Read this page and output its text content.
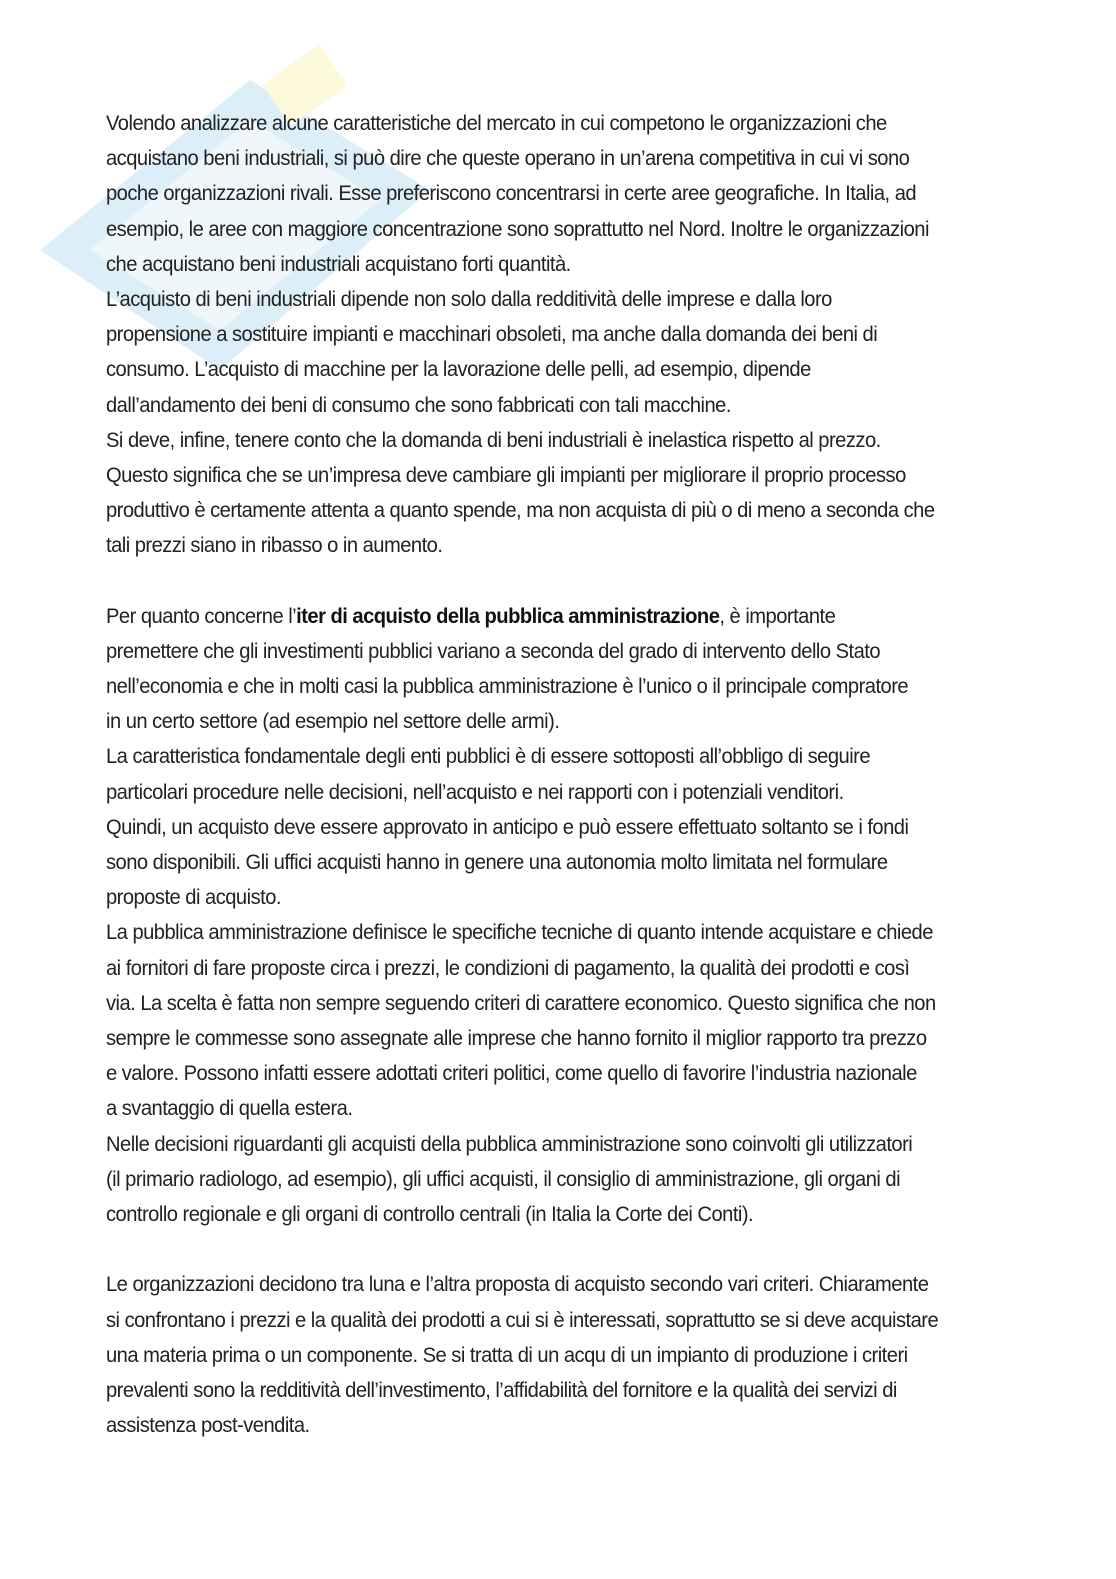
Volendo analizzare alcune caratteristiche del mercato in cui competono le organizzazioni che

acquistano beni industriali, si può dire che queste operano in un’arena competitiva in cui vi sono

poche organizzazioni rivali. Esse preferiscono concentrarsi in certe aree geografiche. In Italia, ad

esempio, le aree con maggiore concentrazione sono soprattutto nel Nord. Inoltre le organizzazioni

che acquistano beni industriali acquistano forti quantità.

L’acquisto di beni industriali dipende non solo dalla redditività delle imprese e dalla loro

propensione a sostituire impianti e macchinari obsoleti, ma anche dalla domanda dei beni di

consumo. L’acquisto di macchine per la lavorazione delle pelli, ad esempio, dipende

dall’andamento dei beni di consumo che sono fabbricati con tali macchine.

Si deve, infine, tenere conto che la domanda di beni industriali è inelastica rispetto al prezzo.

Questo significa che se un’impresa deve cambiare gli impianti per migliorare il proprio processo

produttivo è certamente attenta a quanto spende, ma non acquista di più o di meno a seconda che

tali prezzi siano in ribasso o in aumento.

Per quanto concerne l’iter di acquisto della pubblica amministrazione, è importante

premettere che gli investimenti pubblici variano a seconda del grado di intervento dello Stato

nell’economia e che in molti casi la pubblica amministrazione è l’unico o il principale compratore

in un certo settore (ad esempio nel settore delle armi).

La caratteristica fondamentale degli enti pubblici è di essere sottoposti all’obbligo di seguire

particolari procedure nelle decisioni, nell’acquisto e nei rapporti con i potenziali venditori.

Quindi, un acquisto deve essere approvato in anticipo e può essere effettuato soltanto se i fondi

sono disponibili. Gli uffici acquisti hanno in genere una autonomia molto limitata nel formulare

proposte di acquisto.

La pubblica amministrazione definisce le specifiche tecniche di quanto intende acquistare e chiede

ai fornitori di fare proposte circa i prezzi, le condizioni di pagamento, la qualità dei prodotti e così

via. La scelta è fatta non sempre seguendo criteri di carattere economico. Questo significa che non

sempre le commesse sono assegnate alle imprese che hanno fornito il miglior rapporto tra prezzo

e valore. Possono infatti essere adottati criteri politici, come quello di favorire l’industria nazionale

a svantaggio di quella estera.

Nelle decisioni riguardanti gli acquisti della pubblica amministrazione sono coinvolti gli utilizzatori

(il primario radiologo, ad esempio), gli uffici acquisti, il consiglio di amministrazione, gli organi di

controllo regionale e gli organi di controllo centrali (in Italia la Corte dei Conti).

Le organizzazioni decidono tra luna e l’altra proposta di acquisto secondo vari criteri. Chiaramente

si confrontano i prezzi e la qualità dei prodotti a cui si è interessati, soprattutto se si deve acquistare

una materia prima o un componente. Se si tratta di un acqu di un impianto di produzione i criteri

prevalenti sono la redditività dell’investimento, l’affidabilità del fornitore e la qualità dei servizi di

assistenza post-vendita.
